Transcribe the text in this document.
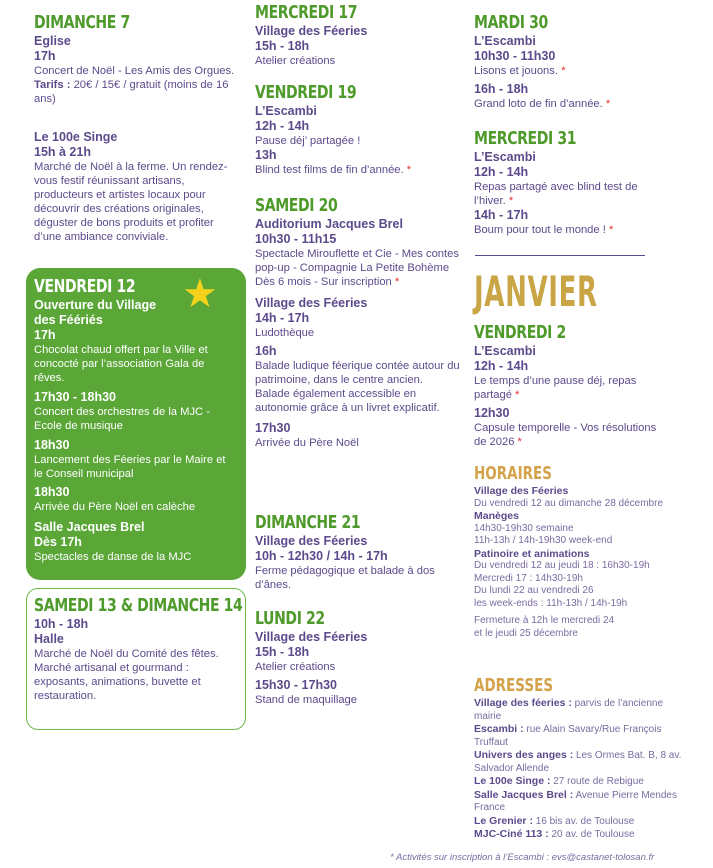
DIMANCHE 7
Eglise
17h
Concert de Noël - Les Amis des Orgues.
Tarifs : 20€ / 15€ / gratuit (moins de 16 ans)
Le 100e Singe
15h à 21h
Marché de Noël à la ferme. Un rendez-vous festif réunissant artisans, producteurs et artistes locaux pour découvrir des créations originales, déguster de bons produits et profiter d’une ambiance conviviale.
★
VENDREDI 12
Ouverture du Village des Féériés
17h
Chocolat chaud offert par la Ville et concocté par l’association Gala de rêves.
17h30 - 18h30
Concert des orchestres de la MJC - Ecole de musique
18h30
Lancement des Féeries par le Maire et le Conseil municipal
18h30
Arrivée du Père Noël en calèche
Salle Jacques Brel
Dès 17h
Spectacles de danse de la MJC
SAMEDI 13 & DIMANCHE 14
10h - 18h
Halle
Marché de Noël du Comité des fêtes. Marché artisanal et gourmand : exposants, animations, buvette et restauration.
MERCREDI 17
Village des Féeries
15h - 18h
Atelier créations
VENDREDI 19
L’Escambi
12h - 14h
Pause déj’ partagée !
13h
Blind test films de fin d’année. *
SAMEDI 20
Auditorium Jacques Brel
10h30 - 11h15
Spectacle Mirouflette et Cie - Mes contes pop-up - Compagnie La Petite Bohème
Dès 6 mois - Sur inscription *
Village des Féeries
14h - 17h
Ludothèque
16h
Balade ludique féerique contée autour du patrimoine, dans le centre ancien.
Balade également accessible en autonomie grâce à un livret explicatif.
17h30
Arrivée du Père Noël
DIMANCHE 21
Village des Féeries
10h - 12h30 / 14h - 17h
Ferme pédagogique et balade à dos d’ânes.
LUNDI 22
Village des Féeries
15h - 18h
Atelier créations
15h30 - 17h30
Stand de maquillage
MARDI 30
L’Escambi
10h30 - 11h30
Lisons et jouons. *
16h - 18h
Grand loto de fin d’année. *
MERCREDI 31
L’Escambi
12h - 14h
Repas partagé avec blind test de l’hiver. *
14h - 17h
Boum pour tout le monde ! *
JANVIER
VENDREDI 2
L’Escambi
12h - 14h
Le temps d’une pause déj, repas partagé *
12h30
Capsule temporelle - Vos résolutions de 2026 *
HORAIRES
Village des Féeries
Du vendredi 12 au dimanche 28 décembre
Manèges
14h30-19h30 semaine
11h-13h / 14h-19h30 week-end
Patinoire et animations
Du vendredi 12 au jeudi 18 : 16h30-19h
Mercredi 17 : 14h30-19h
Du lundi 22 au vendredi 26
les week-ends : 11h-13h / 14h-19h
Fermeture à 12h le mercredi 24
et le jeudi 25 décembre
ADRESSES
Village des féeries : parvis de l’ancienne mairie
Escambi : rue Alain Savary/Rue François Truffaut
Univers des anges : Les Ormes Bat. B, 8 av. Salvador Allende
Le 100e Singe : 27 route de Rebigue
Salle Jacques Brel : Avenue Pierre Mendes France
Le Grenier : 16 bis av. de Toulouse
MJC-Ciné 113 : 20 av. de Toulouse
* Activités sur inscription à l’Escambi : evs@castanet-tolosan.fr
